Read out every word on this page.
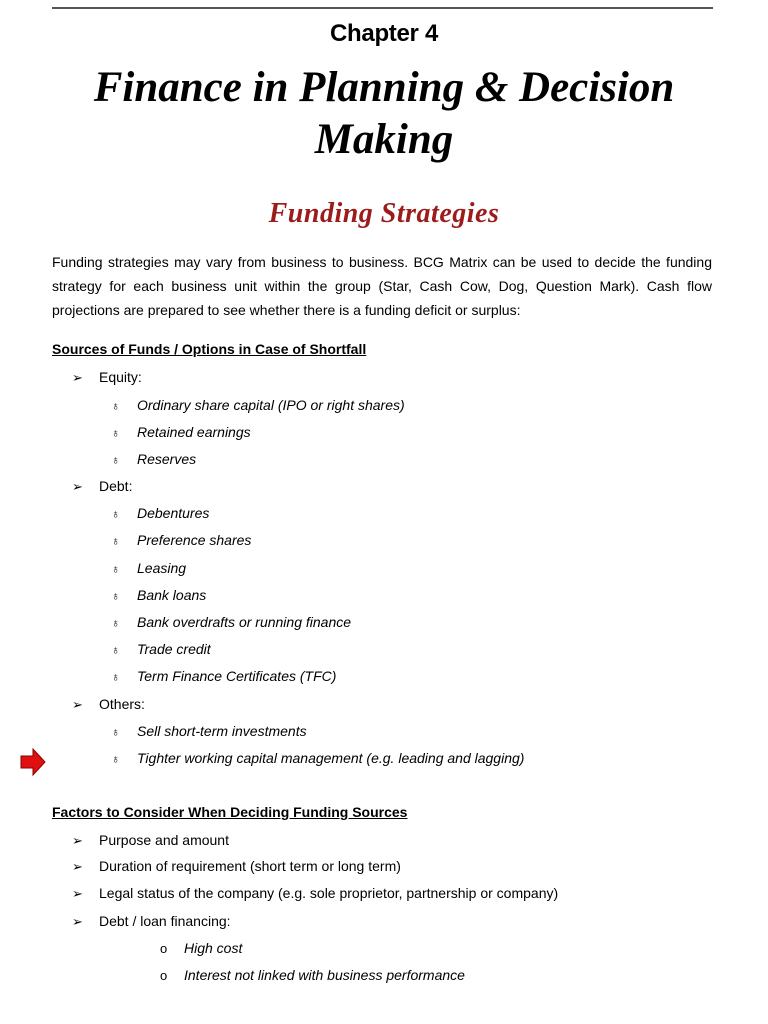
Chapter 4
Finance in Planning & Decision
Making
Funding Strategies
Funding strategies may vary from business to business. BCG Matrix can be used to decide the funding strategy for each business unit within the group (Star, Cash Cow, Dog, Question Mark). Cash flow projections are prepared to see whether there is a funding deficit or surplus:
Sources of Funds / Options in Case of Shortfall
➢ Equity:
♁ Ordinary share capital (IPO or right shares)
♁ Retained earnings
♁ Reserves
➢ Debt:
♁ Debentures
♁ Preference shares
♁ Leasing
♁ Bank loans
♁ Bank overdrafts or running finance
♁ Trade credit
♁ Term Finance Certificates (TFC)
➢ Others:
♁ Sell short-term investments
♁ Tighter working capital management (e.g. leading and lagging)
Factors to Consider When Deciding Funding Sources
➢ Purpose and amount
➢ Duration of requirement (short term or long term)
➢ Legal status of the company (e.g. sole proprietor, partnership or company)
➢ Debt / loan financing:
o High cost
o Interest not linked with business performance
